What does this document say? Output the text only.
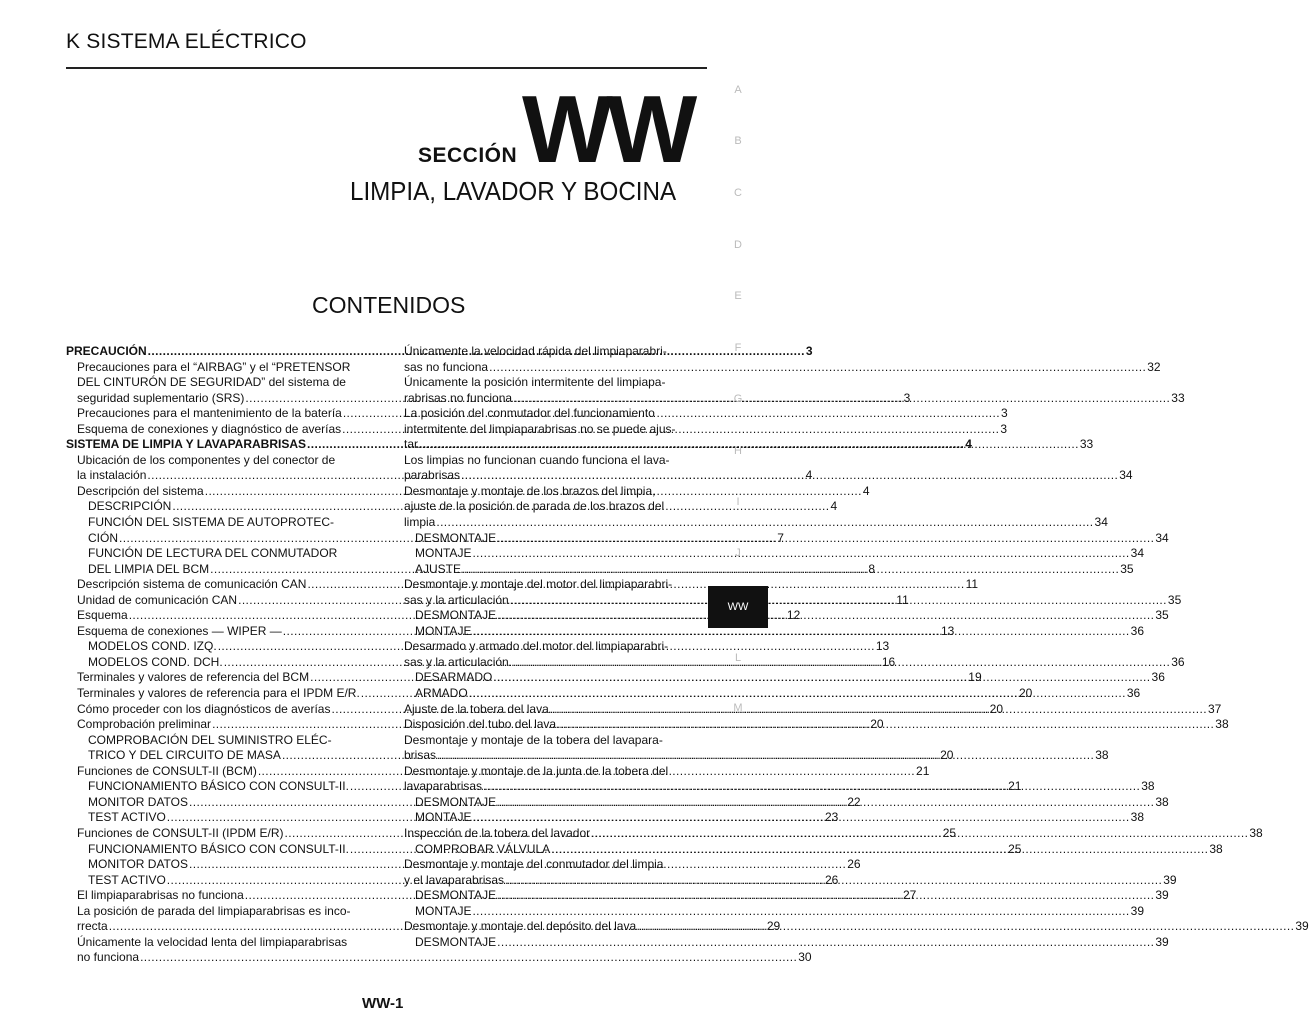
K SISTEMA ELÉCTRICO
SECCIÓN WW
LIMPIA, LAVADOR Y BOCINA
CONTENIDOS
PRECAUCIÓN .....	3
Precauciones para el “AIRBAG” y el “PRETENSOR
DEL CINTURÓN DE SEGURIDAD” del sistema de
seguridad suplementario (SRS) .....	3
Precauciones para el mantenimiento de la batería .....	3
Esquema de conexiones y diagnóstico de averías .....	3
SISTEMA DE LIMPIA Y LAVAPARABRISAS .....	4
Ubicación de los componentes y del conector de
la instalación .....	4
Descripción del sistema .....	4
DESCRIPCIÓN .....	4
FUNCIÓN DEL SISTEMA DE AUTOPROTEC-
CIÓN .....	7
FUNCIÓN DE LECTURA DEL CONMUTADOR
DEL LIMPIA DEL BCM .....	8
Descripción sistema de comunicación CAN .....	11
Unidad de comunicación CAN .....	11
Esquema .....	12
Esquema de conexiones — WIPER — .....	13
MODELOS COND. IZQ. .....	13
MODELOS COND. DCH. .....	16
Terminales y valores de referencia del BCM .....	19
Terminales y valores de referencia para el IPDM E/R. .....	20
Cómo proceder con los diagnósticos de averías .....	20
Comprobación preliminar .....	20
COMPROBACIÓN DEL SUMINISTRO ELÉC-
TRICO Y DEL CIRCUITO DE MASA .....	20
Funciones de CONSULT-II (BCM) .....	21
FUNCIONAMIENTO BÁSICO CON CONSULT-II. .....	21
MONITOR DATOS .....	22
TEST ACTIVO .....	23
Funciones de CONSULT-II (IPDM E/R) .....	25
FUNCIONAMIENTO BÁSICO CON CONSULT-II. .....	25
MONITOR DATOS .....	26
TEST ACTIVO .....	26
El limpiaparabrisas no funciona .....	27
La posición de parada del limpiaparabrisas es inco-
rrecta .....	29
Únicamente la velocidad lenta del limpiaparabrisas
no funciona .....	30
Únicamente la velocidad rápida del limpiaparabri-
sas no funciona .....	32
Únicamente la posición intermitente del limpiapa-
rabrisas no funciona .....	33
La posición del conmutador del funcionamiento
intermitente del limpiaparabrisas no se puede ajus-
tar. .....	33
Los limpias no funcionan cuando funciona el lava-
parabrisas .....	34
Desmontaje y montaje de los brazos del limpia,
ajuste de la posición de parada de los brazos del
limpia .....	34
DESMONTAJE .....	34
MONTAJE .....	34
AJUSTE .....	35
Desmontaje y montaje del motor del limpiaparabri-
sas y la articulación .....	35
DESMONTAJE .....	35
MONTAJE .....	36
Desarmado y armado del motor del limpiaparabri-
sas y la articulación. .....	36
DESARMADO .....	36
ARMADO .....	36
Ajuste de la tobera del lava .....	37
Disposición del tubo del lava .....	38
Desmontaje y montaje de la tobera del lavapara-
brisas .....	38
Desmontaje y montaje de la junta de la tobera del
lavaparabrisas .....	38
DESMONTAJE .....	38
MONTAJE .....	38
Inspección de la tobera del lavador .....	38
COMPROBAR VÁLVULA .....	38
Desmontaje y montaje del conmutador del limpia
y el lavaparabrisas .....	39
DESMONTAJE .....	39
MONTAJE .....	39
Desmontaje y montaje del depósito del lava .....	39
DESMONTAJE .....	39
A
B
C
D
E
F
G
H
I
J
L
M
WW
WW-1
